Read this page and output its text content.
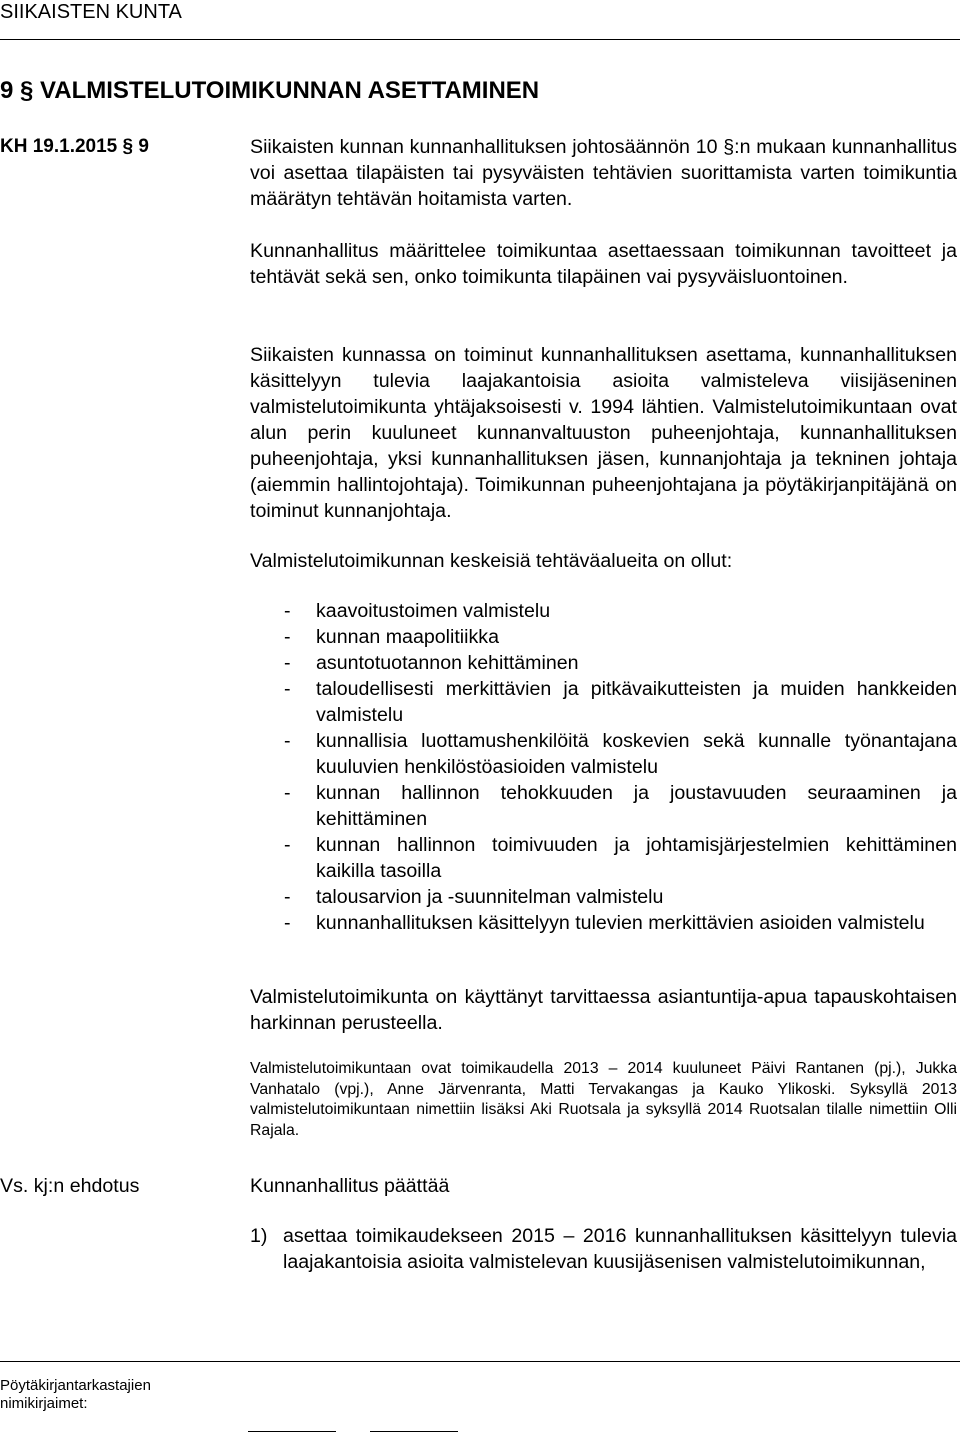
SIIKAISTEN KUNTA
9 § VALMISTELUTOIMIKUNNAN ASETTAMINEN
KH 19.1.2015 § 9	Siikaisten kunnan kunnanhallituksen johtosäännön 10 §:n mukaan kunnanhallitus voi asettaa tilapäisten tai pysyväisten tehtävien suorittamista varten toimikuntia määrätyn tehtävän hoitamista varten.
Kunnanhallitus määrittelee toimikuntaa asettaessaan toimikunnan tavoitteet ja tehtävät sekä sen, onko toimikunta tilapäinen vai pysyväisluontoinen.
Siikaisten kunnassa on toiminut kunnanhallituksen asettama, kunnanhallituksen käsittelyyn tulevia laajakantoisia asioita valmisteleva viisijäseninen valmistelutoimikunta yhtäjaksoisesti v. 1994 lähtien. Valmistelutoimikuntaan ovat alun perin kuuluneet kunnanvaltuuston puheenjohtaja, kunnanhallituksen puheenjohtaja, yksi kunnanhallituksen jäsen, kunnanjohtaja ja tekninen johtaja (aiemmin hallintojohtaja). Toimikunnan puheenjohtajana ja pöytäkirjanpitäjänä on toiminut kunnanjohtaja.
Valmistelutoimikunnan keskeisiä tehtäväalueita on ollut:
- kaavoitustoimen valmistelu
- kunnan maapolitiikka
- asuntotuotannon kehittäminen
- taloudellisesti merkittävien ja pitkävaikutteisten ja muiden hankkeiden valmistelu
- kunnallisia luottamushenkilöitä koskevien sekä kunnalle työnantajana kuuluvien henkilöstöasioiden valmistelu
- kunnan hallinnon tehokkuuden ja joustavuuden seuraaminen ja kehittäminen
- kunnan hallinnon toimivuuden ja johtamisjärjestelmien kehittäminen kaikilla tasoilla
- talousarvion ja -suunnitelman valmistelu
- kunnanhallituksen käsittelyyn tulevien merkittävien asioiden valmistelu
Valmistelutoimikunta on käyttänyt tarvittaessa asiantuntija-apua tapauskohtaisen harkinnan perusteella.
Valmistelutoimikuntaan ovat toimikaudella 2013 – 2014 kuuluneet Päivi Rantanen (pj.), Jukka Vanhatalo (vpj.), Anne Järvenranta, Matti Tervakangas ja Kauko Ylikoski. Syksyllä 2013 valmistelutoimikuntaan nimettiin lisäksi Aki Ruotsala ja syksyllä 2014 Ruotsalan tilalle nimettiin Olli Rajala.
Vs. kj:n ehdotus	Kunnanhallitus päättää
1) asettaa toimikaudekseen 2015 – 2016 kunnanhallituksen käsittelyyn tulevia laajakantoisia asioita valmistelevan kuusijäsenisen valmistelutoimikunnan,
Pöytäkirjantarkastajien
nimikirjaimet:
